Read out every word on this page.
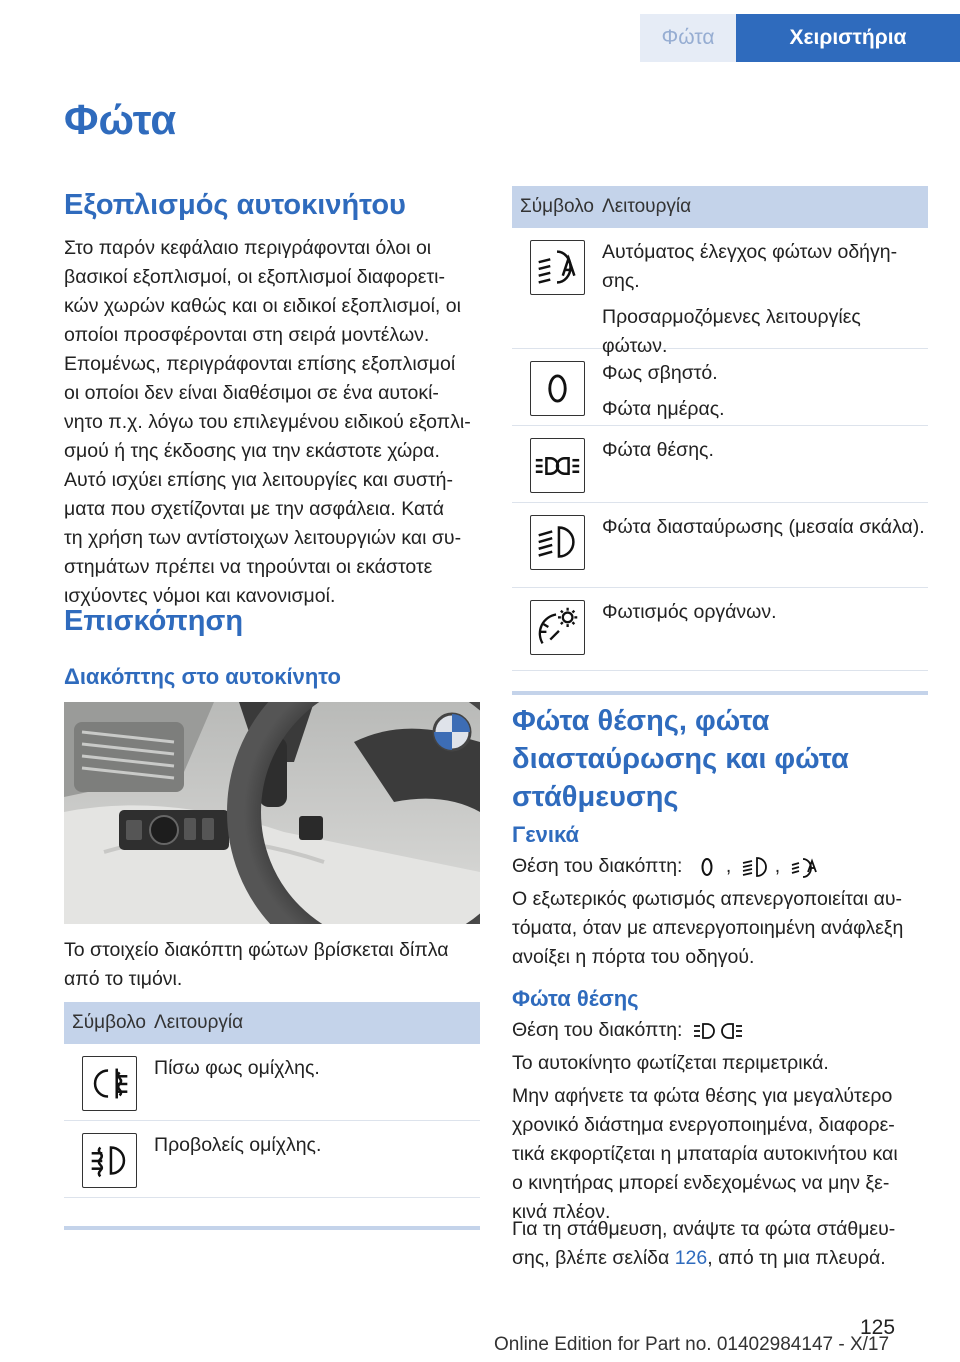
Φώτα	Χειριστήρια
Φώτα
Εξοπλισμός αυτοκινήτου
Στο παρόν κεφάλαιο περιγράφονται όλοι οι
βασικοί εξοπλισμοί, οι εξοπλισμοί διαφορετι-
κών χωρών καθώς και οι ειδικοί εξοπλισμοί, οι
οποίοι προσφέρονται στη σειρά μοντέλων.
Επομένως, περιγράφονται επίσης εξοπλισμοί
οι οποίοι δεν είναι διαθέσιμοι σε ένα αυτοκί-
νητο π.χ. λόγω του επιλεγμένου ειδικού εξοπλι-
σμού ή της έκδοσης για την εκάστοτε χώρα.
Αυτό ισχύει επίσης για λειτουργίες και συστή-
ματα που σχετίζονται με την ασφάλεια. Κατά
τη χρήση των αντίστοιχων λειτουργιών και συ-
στημάτων πρέπει να τηρούνται οι εκάστοτε
ισχύοντες νόμοι και κανονισμοί.
Επισκόπηση
Διακόπτης στο αυτοκίνητο
Το στοιχείο διακόπτη φώτων βρίσκεται δίπλα
από το τιμόνι.
Σύμβολο Λειτουργία
Πίσω φως ομίχλης.
Προβολείς ομίχλης.
Σύμβολο Λειτουργία
Αυτόματος έλεγχος φώτων οδήγη-σης.
Προσαρμοζόμενες λειτουργίες φώτων.
Φως σβηστό.
Φώτα ημέρας.
Φώτα θέσης.
Φώτα διασταύρωσης (μεσαία σκάλα).
Φωτισμός οργάνων.
Φώτα θέσης, φώτα
διασταύρωσης και φώτα
στάθμευσης
Γενικά
Θέση του διακόπτη: , ,
Ο εξωτερικός φωτισμός απενεργοποιείται αυ-
τόματα, όταν με απενεργοποιημένη ανάφλεξη
ανοίξει η πόρτα του οδηγού.
Φώτα θέσης
Θέση του διακόπτη:
Το αυτοκίνητο φωτίζεται περιμετρικά.
Μην αφήνετε τα φώτα θέσης για μεγαλύτερο
χρονικό διάστημα ενεργοποιημένα, διαφορε-
τικά εκφορτίζεται η μπαταρία αυτοκινήτου και
ο κινητήρας μπορεί ενδεχομένως να μην ξε-
κινά πλέον.
Για τη στάθμευση, ανάψτε τα φώτα στάθμευ-
σης, βλέπε σελίδα 126, από τη μια πλευρά.
125
Online Edition for Part no. 01402984147 - X/17
